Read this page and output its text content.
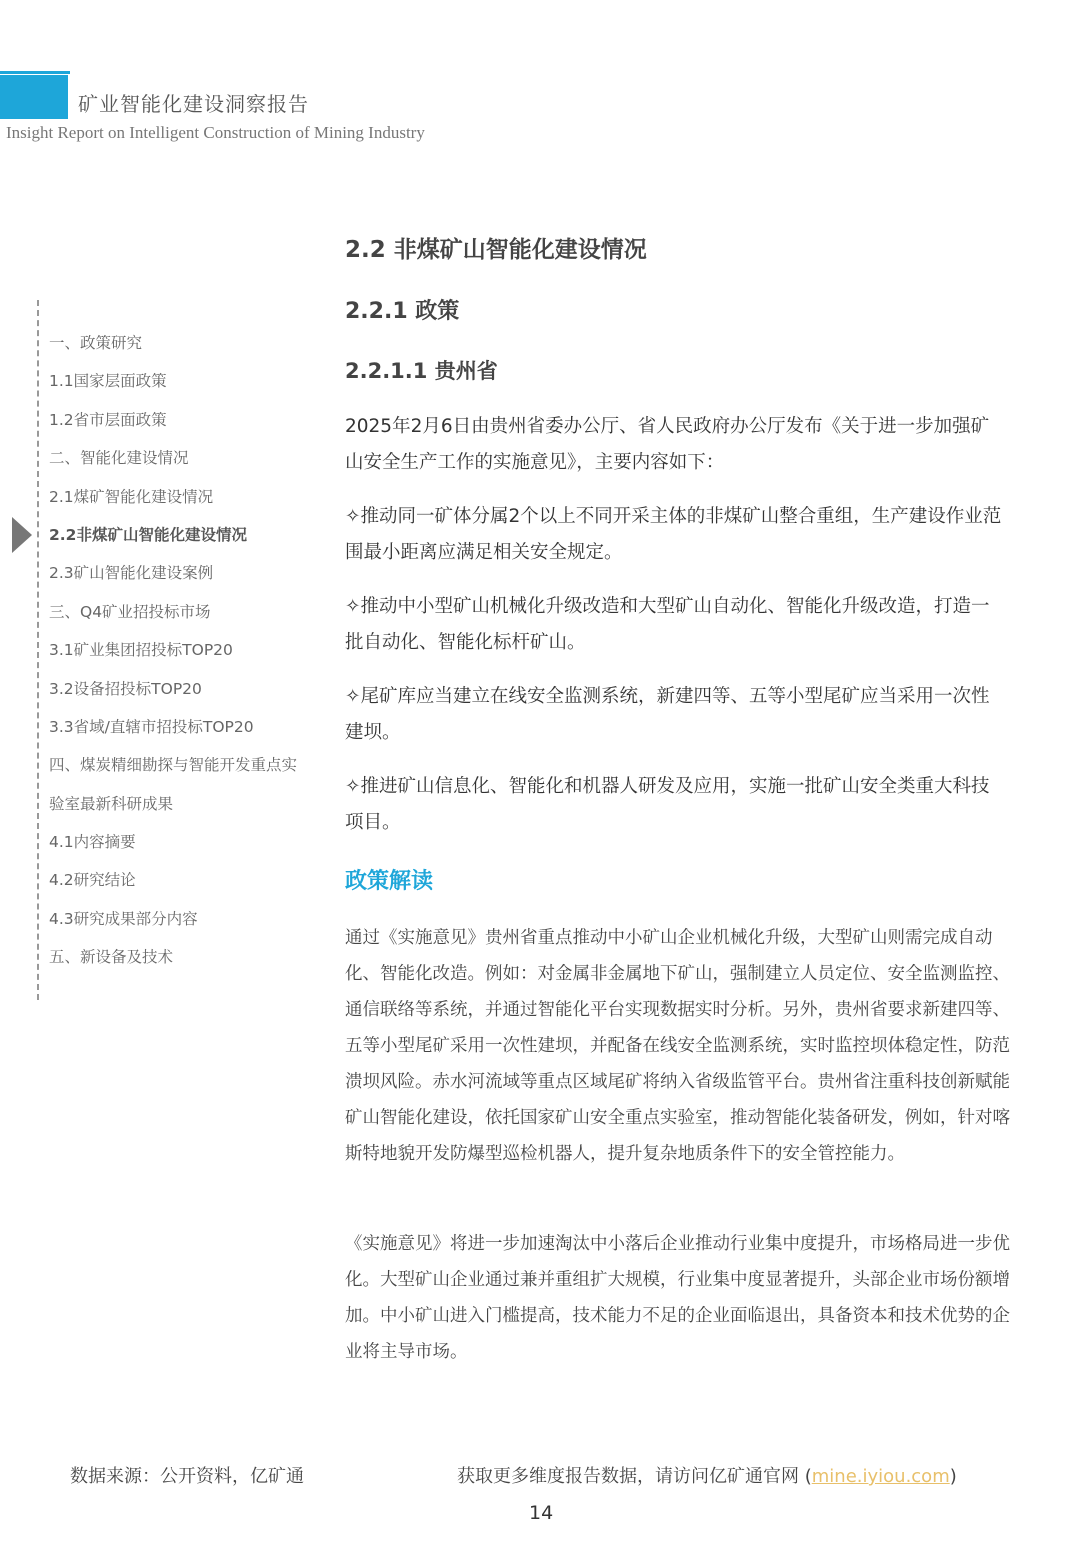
矿业智能化建设洞察报告
Insight Report on Intelligent Construction of Mining Industry
一、政策研究
1.1国家层面政策
1.2省市层面政策
二、智能化建设情况
2.1煤矿智能化建设情况
2.2非煤矿山智能化建设情况
2.3矿山智能化建设案例
三、Q4矿业招投标市场
3.1矿业集团招投标TOP20
3.2设备招投标TOP20
3.3省域/直辖市招投标TOP20
四、煤炭精细勘探与智能开发重点实
验室最新科研成果
4.1内容摘要
4.2研究结论
4.3研究成果部分内容
五、新设备及技术
2.2 非煤矿山智能化建设情况
2.2.1 政策
2.2.1.1 贵州省
2025年2月6日由贵州省委办公厅、省人民政府办公厅发布《关于进一步加强矿山安全生产工作的实施意见》，主要内容如下：
✧推动同一矿体分属2个以上不同开采主体的非煤矿山整合重组，生产建设作业范围最小距离应满足相关安全规定。
✧推动中小型矿山机械化升级改造和大型矿山自动化、智能化升级改造，打造一批自动化、智能化标杆矿山。
✧尾矿库应当建立在线安全监测系统，新建四等、五等小型尾矿应当采用一次性建坝。
✧推进矿山信息化、智能化和机器人研发及应用，实施一批矿山安全类重大科技项目。
政策解读
通过《实施意见》贵州省重点推动中小矿山企业机械化升级，大型矿山则需完成自动化、智能化改造。例如：对金属非金属地下矿山，强制建立人员定位、安全监测监控、通信联络等系统，并通过智能化平台实现数据实时分析。另外，贵州省要求新建四等、五等小型尾矿采用一次性建坝，并配备在线安全监测系统，实时监控坝体稳定性，防范溃坝风险。赤水河流域等重点区域尾矿将纳入省级监管平台。贵州省注重科技创新赋能矿山智能化建设，依托国家矿山安全重点实验室，推动智能化装备研发，例如，针对喀斯特地貌开发防爆型巡检机器人，提升复杂地质条件下的安全管控能力。
《实施意见》将进一步加速淘汰中小落后企业推动行业集中度提升，市场格局进一步优化。大型矿山企业通过兼并重组扩大规模，行业集中度显著提升，头部企业市场份额增加。中小矿山进入门槛提高，技术能力不足的企业面临退出，具备资本和技术优势的企业将主导市场。
数据来源：公开资料，亿矿通	获取更多维度报告数据，请访问亿矿通官网 (mine.iyiou.com)
14
